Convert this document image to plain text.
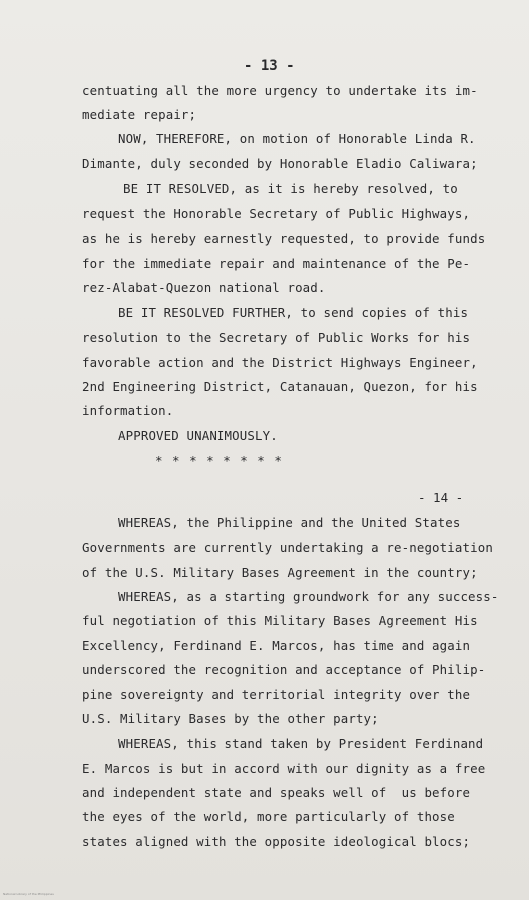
- 13 -
centuating all the more urgency to undertake its im-
mediate repair;
NOW, THEREFORE, on motion of Honorable Linda R.
Dimante, duly seconded by Honorable Eladio Caliwara;
BE IT RESOLVED, as it is hereby resolved, to
request the Honorable Secretary of Public Highways,
as he is hereby earnestly requested, to provide funds
for the immediate repair and maintenance of the Pe-
rez-Alabat-Quezon national road.
BE IT RESOLVED FURTHER, to send copies of this
resolution to the Secretary of Public Works for his
favorable action and the District Highways Engineer,
2nd Engineering District, Catanauan, Quezon, for his
information.
APPROVED UNANIMOUSLY.
* * * * * * * *
- 14 -
WHEREAS, the Philippine and the United States
Governments are currently undertaking a re-negotiation
of the U.S. Military Bases Agreement in the country;
WHEREAS, as a starting groundwork for any success-
ful negotiation of this Military Bases Agreement His
Excellency, Ferdinand E. Marcos, has time and again
underscored the recognition and acceptance of Philip-
pine sovereignty and territorial integrity over the
U.S. Military Bases by the other party;
WHEREAS, this stand taken by President Ferdinand
E. Marcos is but in accord with our dignity as a free
and independent state and speaks well of  us before
the eyes of the world, more particularly of those
states aligned with the opposite ideological blocs;
National Library of the Philippines
